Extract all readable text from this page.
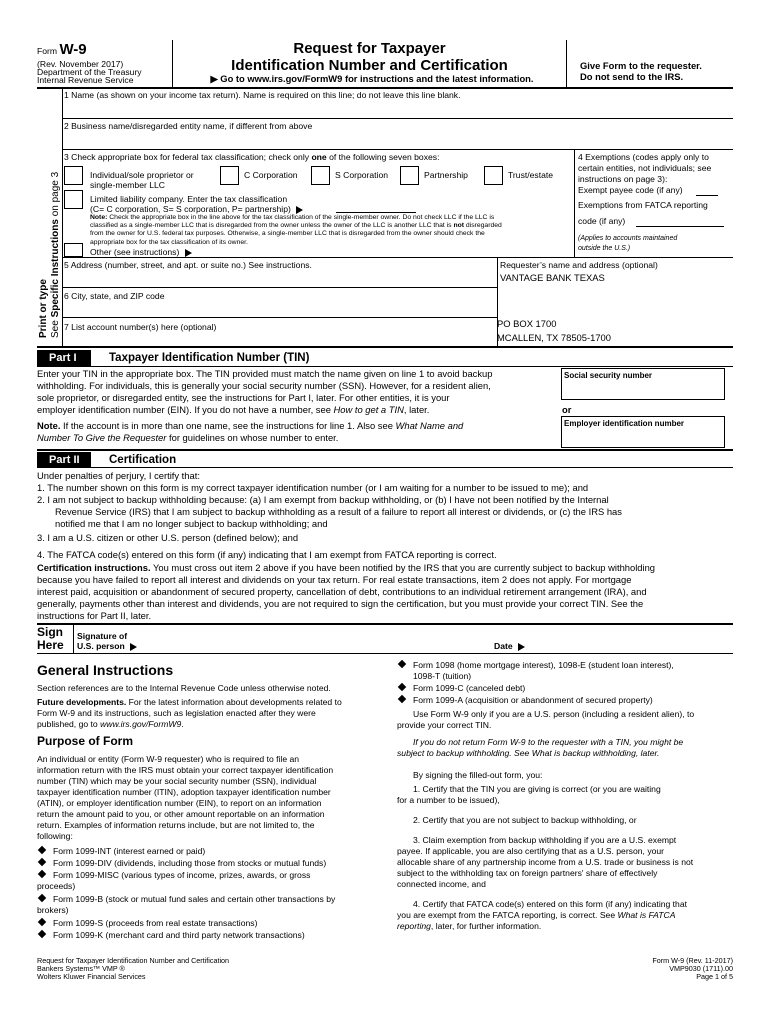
Form W-9
(Rev. November 2017)
Department of the Treasury
Internal Revenue Service
Request for Taxpayer
Identification Number and Certification
▶ Go to www.irs.gov/FormW9 for instructions and the latest information.
Give Form to the requester.
Do not send to the IRS.
Print or type
See Specific Instructions on page 3
1 Name (as shown on your income tax return). Name is required on this line; do not leave this line blank.
2 Business name/disregarded entity name, if different from above
3 Check appropriate box for federal tax classification; check only one of the following seven boxes:
Individual/sole proprietor or
single-member LLC
C Corporation	S Corporation	Partnership	Trust/estate
Limited liability company. Enter the tax classification
(C= C corporation, S= S corporation, P= partnership)
Note: Check the appropriate box in the line above for the tax classification of the single-member owner. Do not check LLC if the LLC is
classified as a single-member LLC that is disregarded from the owner unless the owner of the LLC is another LLC that is not disregarded
from the owner for U.S. federal tax purposes. Otherwise, a single-member LLC that is disregarded from the owner should check the
appropriate box for the tax classification of its owner.
Other (see instructions)
4 Exemptions (codes apply only to
certain entities, not individuals; see
instructions on page 3):
Exempt payee code (if any)
Exemptions from FATCA reporting
code (if any)
(Applies to accounts maintained
outside the U.S.)
5 Address (number, street, and apt. or suite no.) See instructions.	Requester’s name and address (optional)
VANTAGE BANK TEXAS
6 City, state, and ZIP code
PO BOX 1700
7 List account number(s) here (optional)
MCALLEN, TX 78505-1700
Part I	Taxpayer Identification Number (TIN)
Enter your TIN in the appropriate box. The TIN provided must match the name given on line 1 to avoid backup
withholding. For individuals, this is generally your social security number (SSN). However, for a resident alien,
sole proprietor, or disregarded entity, see the instructions for Part I, later. For other entities, it is your
employer identification number (EIN). If you do not have a number, see How to get a TIN, later.
Note. If the account is in more than one name, see the instructions for line 1. Also see What Name and
Number To Give the Requester for guidelines on whose number to enter.
Social security number
or
Employer identification number
Part II	Certification
Under penalties of perjury, I certify that:
1. The number shown on this form is my correct taxpayer identification number (or I am waiting for a number to be issued to me); and
2. I am not subject to backup withholding because: (a) I am exempt from backup withholding, or (b) I have not been notified by the Internal
Revenue Service (IRS) that I am subject to backup withholding as a result of a failure to report all interest or dividends, or (c) the IRS has
notified me that I am no longer subject to backup withholding; and
3. I am a U.S. citizen or other U.S. person (defined below); and
4. The FATCA code(s) entered on this form (if any) indicating that I am exempt from FATCA reporting is correct.
Certification instructions. You must cross out item 2 above if you have been notified by the IRS that you are currently subject to backup withholding
because you have failed to report all interest and dividends on your tax return. For real estate transactions, item 2 does not apply. For mortgage
interest paid, acquisition or abandonment of secured property, cancellation of debt, contributions to an individual retirement arrangement (IRA), and
generally, payments other than interest and dividends, you are not required to sign the certification, but you must provide your correct TIN. See the
instructions for Part II, later.
Sign
Here
Signature of
U.S. person	Date
General Instructions
Section references are to the Internal Revenue Code unless otherwise noted.
Future developments. For the latest information about developments related to
Form W-9 and its instructions, such as legislation enacted after they were
published, go to www.irs.gov/FormW9.
Purpose of Form
An individual or entity (Form W-9 requester) who is required to file an
information return with the IRS must obtain your correct taxpayer identification
number (TIN) which may be your social security number (SSN), individual
taxpayer identification number (ITIN), adoption taxpayer identification number
(ATIN), or employer identification number (EIN), to report on an information
return the amount paid to you, or other amount reportable on an information
return. Examples of information returns include, but are not limited to, the
following:
Form 1099-INT (interest earned or paid)
Form 1099-DIV (dividends, including those from stocks or mutual funds)
Form 1099-MISC (various types of income, prizes, awards, or gross
proceeds)
Form 1099-B (stock or mutual fund sales and certain other transactions by
brokers)
Form 1099-S (proceeds from real estate transactions)
Form 1099-K (merchant card and third party network transactions)
Form 1098 (home mortgage interest), 1098-E (student loan interest),
1098-T (tuition)
Form 1099-C (canceled debt)
Form 1099-A (acquisition or abandonment of secured property)
Use Form W-9 only if you are a U.S. person (including a resident alien), to
provide your correct TIN.
If you do not return Form W-9 to the requester with a TIN, you might be
subject to backup withholding. See What is backup withholding, later.
By signing the filled-out form, you:
1. Certify that the TIN you are giving is correct (or you are waiting
for a number to be issued),
2. Certify that you are not subject to backup withholding, or
3. Claim exemption from backup withholding if you are a U.S. exempt
payee. If applicable, you are also certifying that as a U.S. person, your
allocable share of any partnership income from a U.S. trade or business is not
subject to the withholding tax on foreign partners' share of effectively
connected income, and
4. Certify that FATCA code(s) entered on this form (if any) indicating that
you are exempt from the FATCA reporting, is correct. See What is FATCA
reporting, later, for further information.
Request for Taxpayer Identification Number and Certification
Bankers Systems™ VMP ®
Wolters Kluwer Financial Services
Form W-9 (Rev. 11-2017)
VMP9030 (1711).00
Page 1 of 5
